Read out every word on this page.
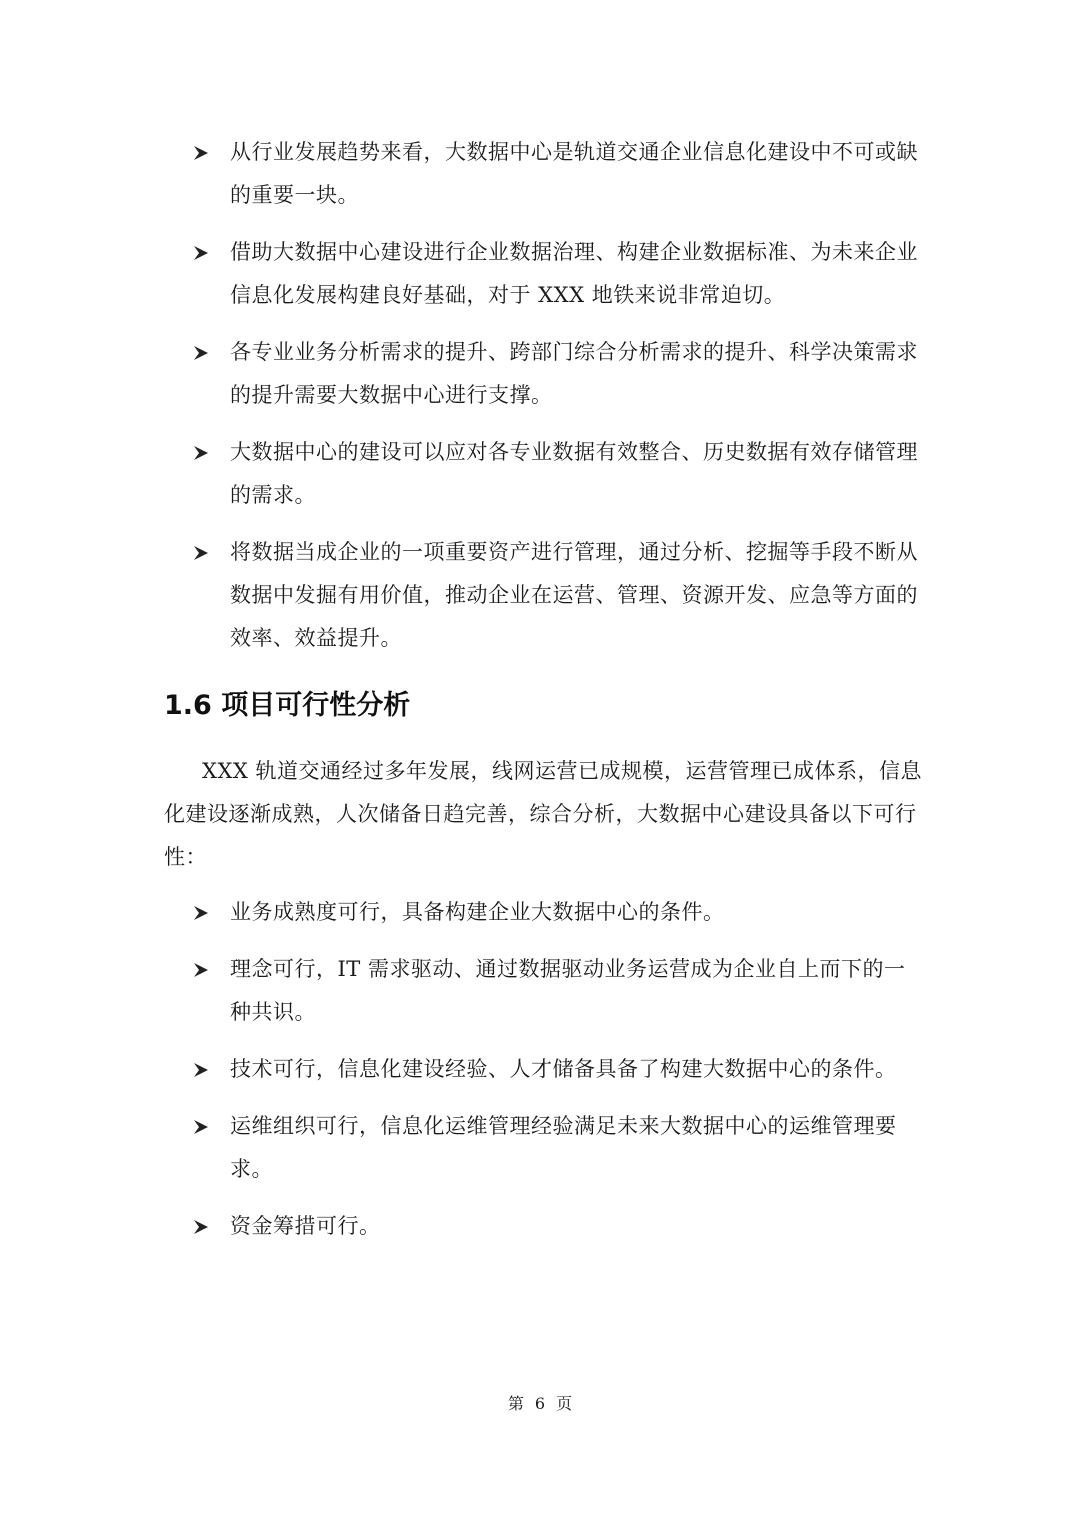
从行业发展趋势来看，大数据中心是轨道交通企业信息化建设中不可或缺的重要一块。
借助大数据中心建设进行企业数据治理、构建企业数据标准、为未来企业信息化发展构建良好基础，对于 XXX 地铁来说非常迫切。
各专业业务分析需求的提升、跨部门综合分析需求的提升、科学决策需求的提升需要大数据中心进行支撑。
大数据中心的建设可以应对各专业数据有效整合、历史数据有效存储管理的需求。
将数据当成企业的一项重要资产进行管理，通过分析、挖掘等手段不断从数据中发掘有用价值，推动企业在运营、管理、资源开发、应急等方面的效率、效益提升。
1.6 项目可行性分析

XXX 轨道交通经过多年发展，线网运营已成规模，运营管理已成体系，信息化建设逐渐成熟，人次储备日趋完善，综合分析，大数据中心建设具备以下可行性：

业务成熟度可行，具备构建企业大数据中心的条件。
理念可行，IT 需求驱动、通过数据驱动业务运营成为企业自上而下的一种共识。
技术可行，信息化建设经验、人才储备具备了构建大数据中心的条件。
运维组织可行，信息化运维管理经验满足未来大数据中心的运维管理要求。
资金筹措可行。
第 6 页
